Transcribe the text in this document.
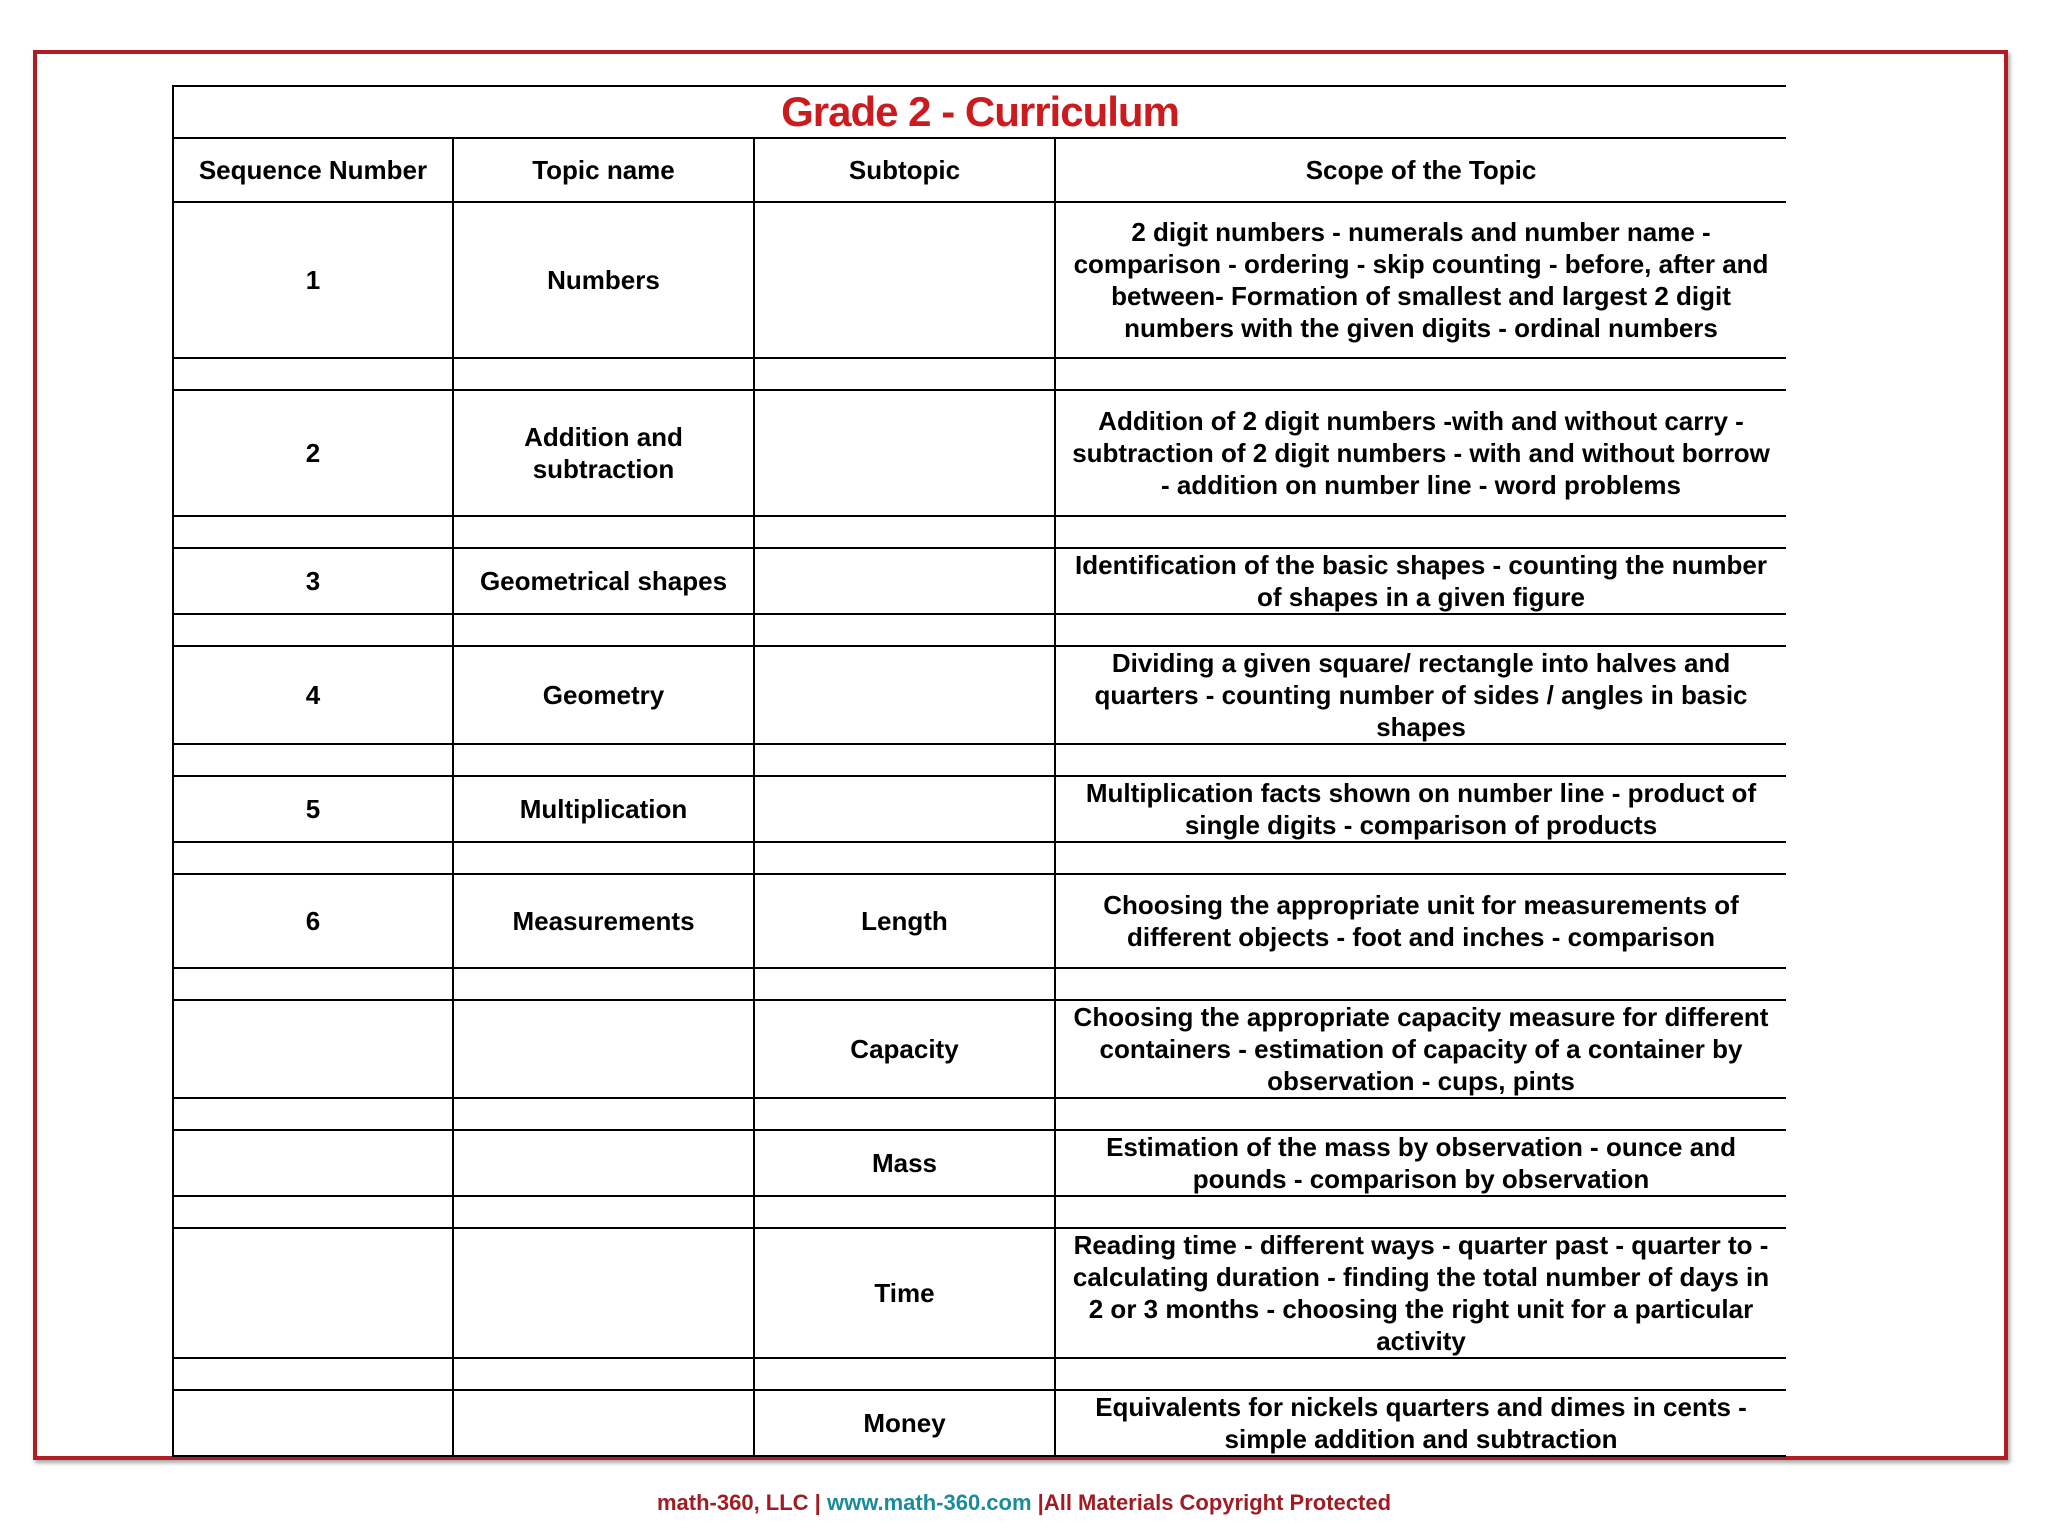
Grade 2 - Curriculum			
Sequence Number	Topic name	Subtopic	Scope of the Topic
1	Numbers		2 digit numbers - numerals and number name - comparison - ordering - skip counting - before, after and between- Formation of smallest and largest 2 digit numbers with the given digits - ordinal numbers

2	Addition and subtraction		Addition of 2 digit numbers -with and without carry - subtraction of 2 digit numbers - with and without borrow - addition on number line - word problems

3	Geometrical shapes		Identification of the basic shapes - counting the number of shapes in a given figure

4	Geometry		Dividing a given square/ rectangle into halves and quarters - counting number of sides / angles in basic shapes

5	Multiplication		Multiplication facts shown on number line - product of single digits - comparison of products

6	Measurements	Length	Choosing the appropriate unit for measurements of different objects - foot and inches - comparison

		Capacity	Choosing the appropriate capacity measure for different containers - estimation of capacity of a container by observation - cups, pints

		Mass	Estimation of the mass by observation - ounce and pounds - comparison by observation

		Time	Reading time - different ways - quarter past - quarter to - calculating duration - finding the total number of days in 2 or 3 months - choosing the right unit for a particular activity

		Money	Equivalents for nickels quarters and dimes in cents - simple addition and subtraction
math-360, LLC | www.math-360.com |All Materials Copyright Protected
